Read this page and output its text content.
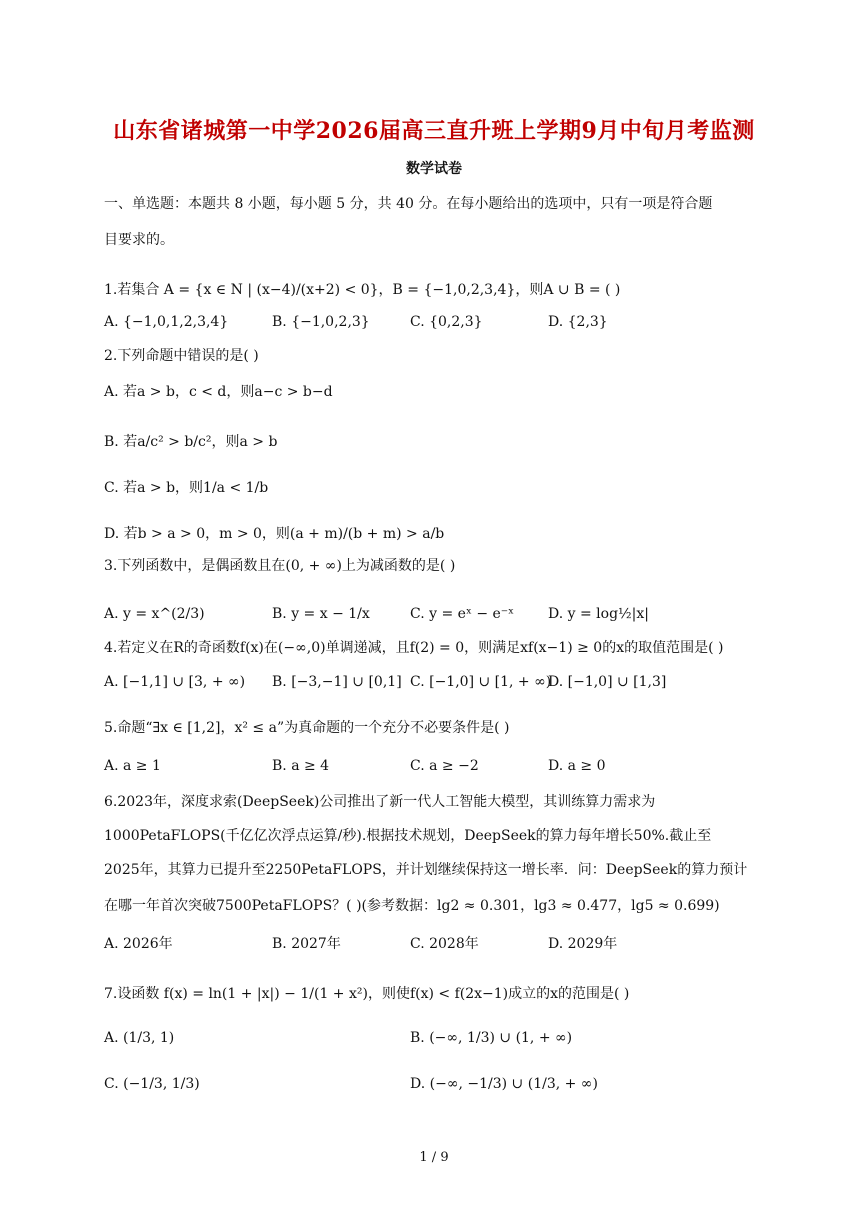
山东省诸城第一中学2026届高三直升班上学期9月中旬月考监测
数学试卷
一、单选题：本题共 8 小题，每小题 5 分，共 40 分。在每小题给出的选项中，只有一项是符合题
目要求的。
1.若集合 A = {x ∈ N | (x−4)/(x+2) < 0}，B = {−1,0,2,3,4}，则A ∪ B = ( )
A. {−1,0,1,2,3,4}	B. {−1,0,2,3}	C. {0,2,3}	D. {2,3}
2.下列命题中错误的是( )
A. 若a > b，c < d，则a−c > b−d
B. 若a/c² > b/c²，则a > b
C. 若a > b，则1/a < 1/b
D. 若b > a > 0，m > 0，则(a + m)/(b + m) > a/b
3.下列函数中，是偶函数且在(0, + ∞)上为减函数的是( )
A. y = x^(2/3)	B. y = x − 1/x	C. y = eˣ − e⁻ˣ D. y = log½|x|
4.若定义在R的奇函数f(x)在(−∞,0)单调递减，且f(2) = 0，则满足xf(x−1) ≥ 0的x的取值范围是( )
A. [−1,1] ∪ [3, + ∞) B. [−3,−1] ∪ [0,1] C. [−1,0] ∪ [1, + ∞)
D. [−1,0] ∪ [1,3]
5.命题“∃x ∈ [1,2]，x² ≤ a”为真命题的一个充分不必要条件是( )
A. a ≥ 1	B. a ≥ 4	C. a ≥ −2	D. a ≥ 0
6.2023年，深度求索(DeepSeek)公司推出了新一代人工智能大模型，其训练算力需求为
1000PetaFLOPS(千亿亿次浮点运算/秒).根据技术规划，DeepSeek的算力每年增长50%.截止至
2025年，其算力已提升至2250PetaFLOPS，并计划继续保持这一增长率．问：DeepSeek的算力预计
在哪一年首次突破7500PetaFLOPS？( )(参考数据：lg2 ≈ 0.301，lg3 ≈ 0.477，lg5 ≈ 0.699)
A. 2026年	B. 2027年	C. 2028年	D. 2029年
7.设函数 f(x) = ln(1 + |x|) − 1/(1 + x²)，则使f(x) < f(2x−1)成立的x的范围是( )
A. (1/3, 1)	B. (−∞, 1/3) ∪ (1, + ∞)
C. (−1/3, 1/3)	D. (−∞, −1/3) ∪ (1/3, + ∞)
1 / 9
